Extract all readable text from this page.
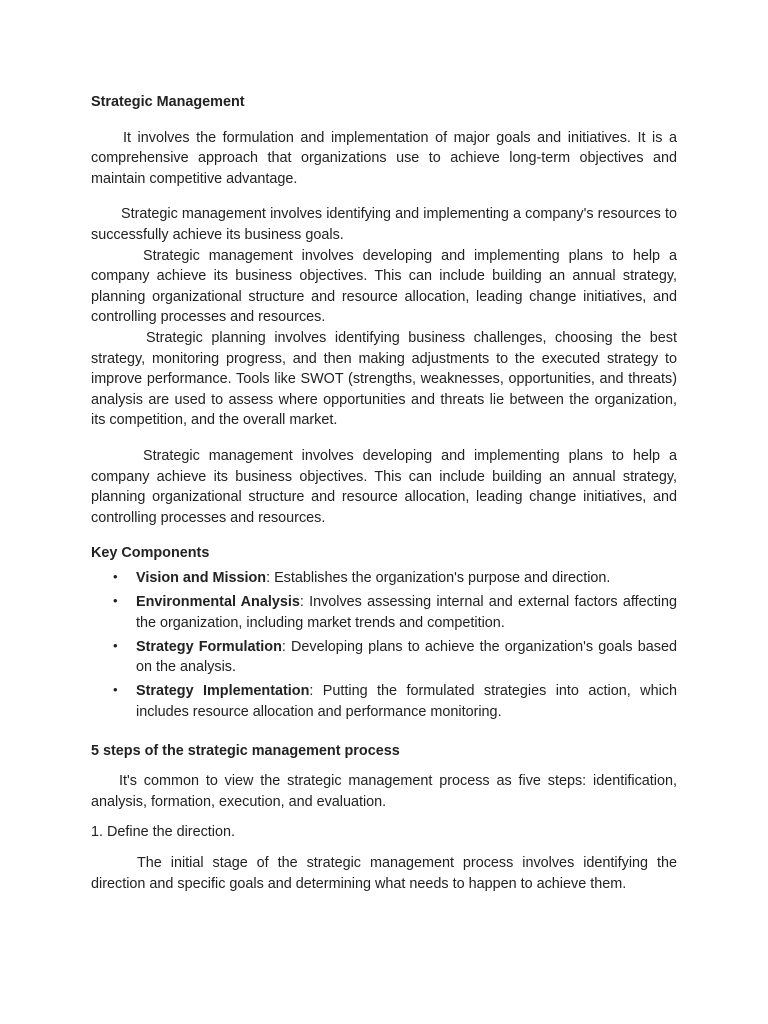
Strategic Management

It involves the formulation and implementation of major goals and initiatives. It is a comprehensive approach that organizations use to achieve long-term objectives and maintain competitive advantage.

Strategic management involves identifying and implementing a company's resources to successfully achieve its business goals.

Strategic management involves developing and implementing plans to help a company achieve its business objectives. This can include building an annual strategy, planning organizational structure and resource allocation, leading change initiatives, and controlling processes and resources.

Strategic planning involves identifying business challenges, choosing the best strategy, monitoring progress, and then making adjustments to the executed strategy to improve performance. Tools like SWOT (strengths, weaknesses, opportunities, and threats) analysis are used to assess where opportunities and threats lie between the organization, its competition, and the overall market.

Strategic management involves developing and implementing plans to help a company achieve its business objectives. This can include building an annual strategy, planning organizational structure and resource allocation, leading change initiatives, and controlling processes and resources.

Key Components
• Vision and Mission: Establishes the organization's purpose and direction.
• Environmental Analysis: Involves assessing internal and external factors affecting the organization, including market trends and competition.
• Strategy Formulation: Developing plans to achieve the organization's goals based on the analysis.
• Strategy Implementation: Putting the formulated strategies into action, which includes resource allocation and performance monitoring.
5 steps of the strategic management process

It's common to view the strategic management process as five steps: identification, analysis, formation, execution, and evaluation.

1. Define the direction.

The initial stage of the strategic management process involves identifying the direction and specific goals and determining what needs to happen to achieve them.
